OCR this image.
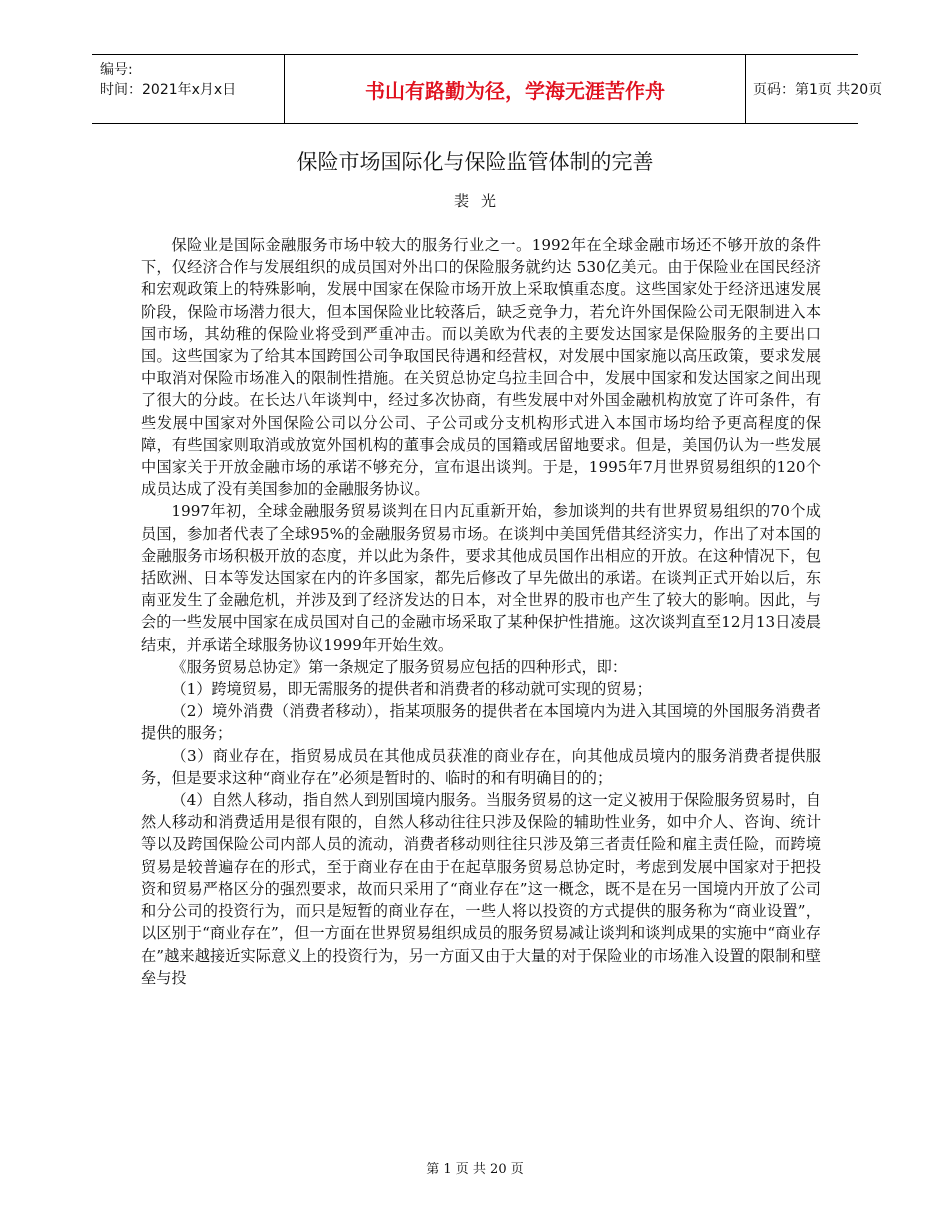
编号:
时间：2021年x月x日	书山有路勤为径，学海无涯苦作舟	页码：第1页 共20页
保险市场国际化与保险监管体制的完善
裴光

保险业是国际金融服务市场中较大的服务行业之一。1992年在全球金融市场还不够开放的条件下，仅经济合作与发展组织的成员国对外出口的保险服务就约达 530亿美元。由于保险业在国民经济和宏观政策上的特殊影响，发展中国家在保险市场开放上采取慎重态度。这些国家处于经济迅速发展阶段，保险市场潜力很大，但本国保险业比较落后，缺乏竞争力，若允许外国保险公司无限制进入本国市场，其幼稚的保险业将受到严重冲击。而以美欧为代表的主要发达国家是保险服务的主要出口国。这些国家为了给其本国跨国公司争取国民待遇和经营权，对发展中国家施以高压政策，要求发展中取消对保险市场准入的限制性措施。在关贸总协定乌拉圭回合中，发展中国家和发达国家之间出现了很大的分歧。在长达八年谈判中，经过多次协商，有些发展中对外国金融机构放宽了许可条件，有些发展中国家对外国保险公司以分公司、子公司或分支机构形式进入本国市场均给予更高程度的保障，有些国家则取消或放宽外国机构的董事会成员的国籍或居留地要求。但是，美国仍认为一些发展中国家关于开放金融市场的承诺不够充分，宣布退出谈判。于是，1995年7月世界贸易组织的120个成员达成了没有美国参加的金融服务协议。

1997年初，全球金融服务贸易谈判在日内瓦重新开始，参加谈判的共有世界贸易组织的70个成员国，参加者代表了全球95%的金融服务贸易市场。在谈判中美国凭借其经济实力，作出了对本国的金融服务市场积极开放的态度，并以此为条件，要求其他成员国作出相应的开放。在这种情况下，包括欧洲、日本等发达国家在内的许多国家，都先后修改了早先做出的承诺。在谈判正式开始以后，东南亚发生了金融危机，并涉及到了经济发达的日本，对全世界的股市也产生了较大的影响。因此，与会的一些发展中国家在成员国对自己的金融市场采取了某种保护性措施。这次谈判直至12月13日凌晨结束，并承诺全球服务协议1999年开始生效。

《服务贸易总协定》第一条规定了服务贸易应包括的四种形式，即：

（1）跨境贸易，即无需服务的提供者和消费者的移动就可实现的贸易；

（2）境外消费（消费者移动），指某项服务的提供者在本国境内为进入其国境的外国服务消费者提供的服务；

（3）商业存在，指贸易成员在其他成员获准的商业存在，向其他成员境内的服务消费者提供服务，但是要求这种“商业存在”必须是暂时的、临时的和有明确目的的；

（4）自然人移动，指自然人到别国境内服务。当服务贸易的这一定义被用于保险服务贸易时，自然人移动和消费适用是很有限的，自然人移动往往只涉及保险的辅助性业务，如中介人、咨询、统计等以及跨国保险公司内部人员的流动，消费者移动则往往只涉及第三者责任险和雇主责任险，而跨境贸易是较普遍存在的形式，至于商业存在由于在起草服务贸易总协定时，考虑到发展中国家对于把投资和贸易严格区分的强烈要求，故而只采用了“商业存在”这一概念，既不是在另一国境内开放了公司和分公司的投资行为，而只是短暂的商业存在，一些人将以投资的方式提供的服务称为“商业设置”，以区别于“商业存在”，但一方面在世界贸易组织成员的服务贸易减让谈判和谈判成果的实施中“商业存在”越来越接近实际意义上的投资行为，另一方面又由于大量的对于保险业的市场准入设置的限制和壁垒与投

第 1 页 共 20 页
